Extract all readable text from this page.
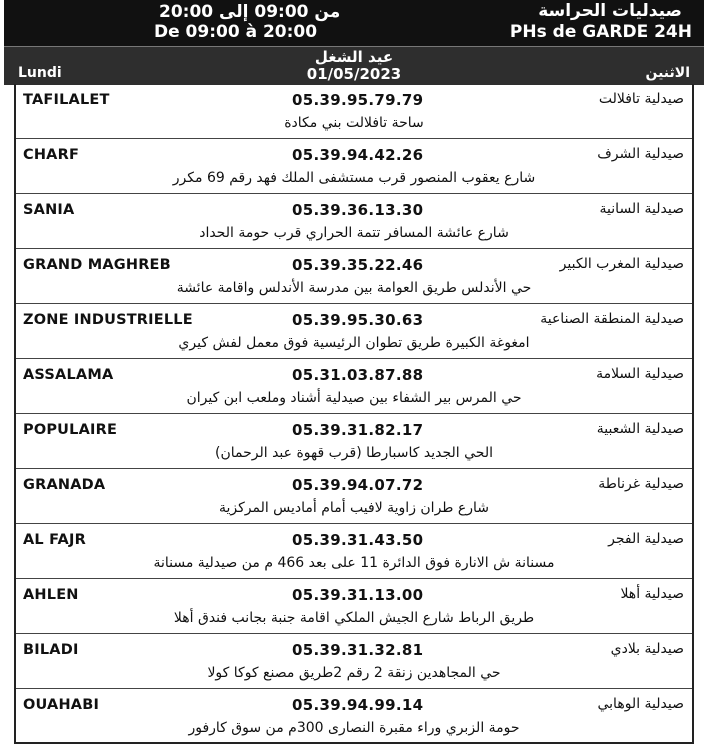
من 09:00 إلى 20:00
De 09:00 à 20:00
صيدليات الحراسة
PHs de GARDE 24H
عيد الشغل
01/05/2023
Lundi	الاثنين
TAFILALET	05.39.95.79.79	صيدلية تافلالت
ساحة تافلالت بني مكادة
CHARF	05.39.94.42.26	صيدلية الشرف
شارع يعقوب المنصور قرب مستشفى الملك فهد رقم 69 مكرر
SANIA	05.39.36.13.30	صيدلية السانية
شارع عائشة المسافر تتمة الحراري قرب حومة الحداد
GRAND MAGHREB	05.39.35.22.46	صيدلية المغرب الكبير
حي الأندلس طريق العوامة بين مدرسة الأندلس واقامة عائشة
ZONE INDUSTRIELLE	05.39.95.30.63	صيدلية المنطقة الصناعية
امغوغة الكبيرة طريق تطوان الرئيسية فوق معمل لفش كيري
ASSALAMA	05.31.03.87.88	صيدلية السلامة
حي المرس بير الشفاء بين صيدلية أشناد وملعب ابن كيران
POPULAIRE	05.39.31.82.17	صيدلية الشعبية
الحي الجديد كاسبارطا (قرب قهوة عبد الرحمان)
GRANADA	05.39.94.07.72	صيدلية غرناطة
شارع طران زاوية لافيب أمام أماديس المركزية
AL FAJR	05.39.31.43.50	صيدلية الفجر
مسنانة ش الانارة فوق الدائرة 11 على بعد 466 م من صيدلية مسنانة
AHLEN	05.39.31.13.00	صيدلية أهلا
طريق الرباط شارع الجيش الملكي اقامة جنبة بجانب فندق أهلا
BILADI	05.39.31.32.81	صيدلية بلادي
حي المجاهدين زنقة 2 رقم 2طريق مصنع كوكا كولا
OUAHABI	05.39.94.99.14	صيدلية الوهابي
حومة الزبري وراء مقبرة النصارى 300م من سوق كارفور
